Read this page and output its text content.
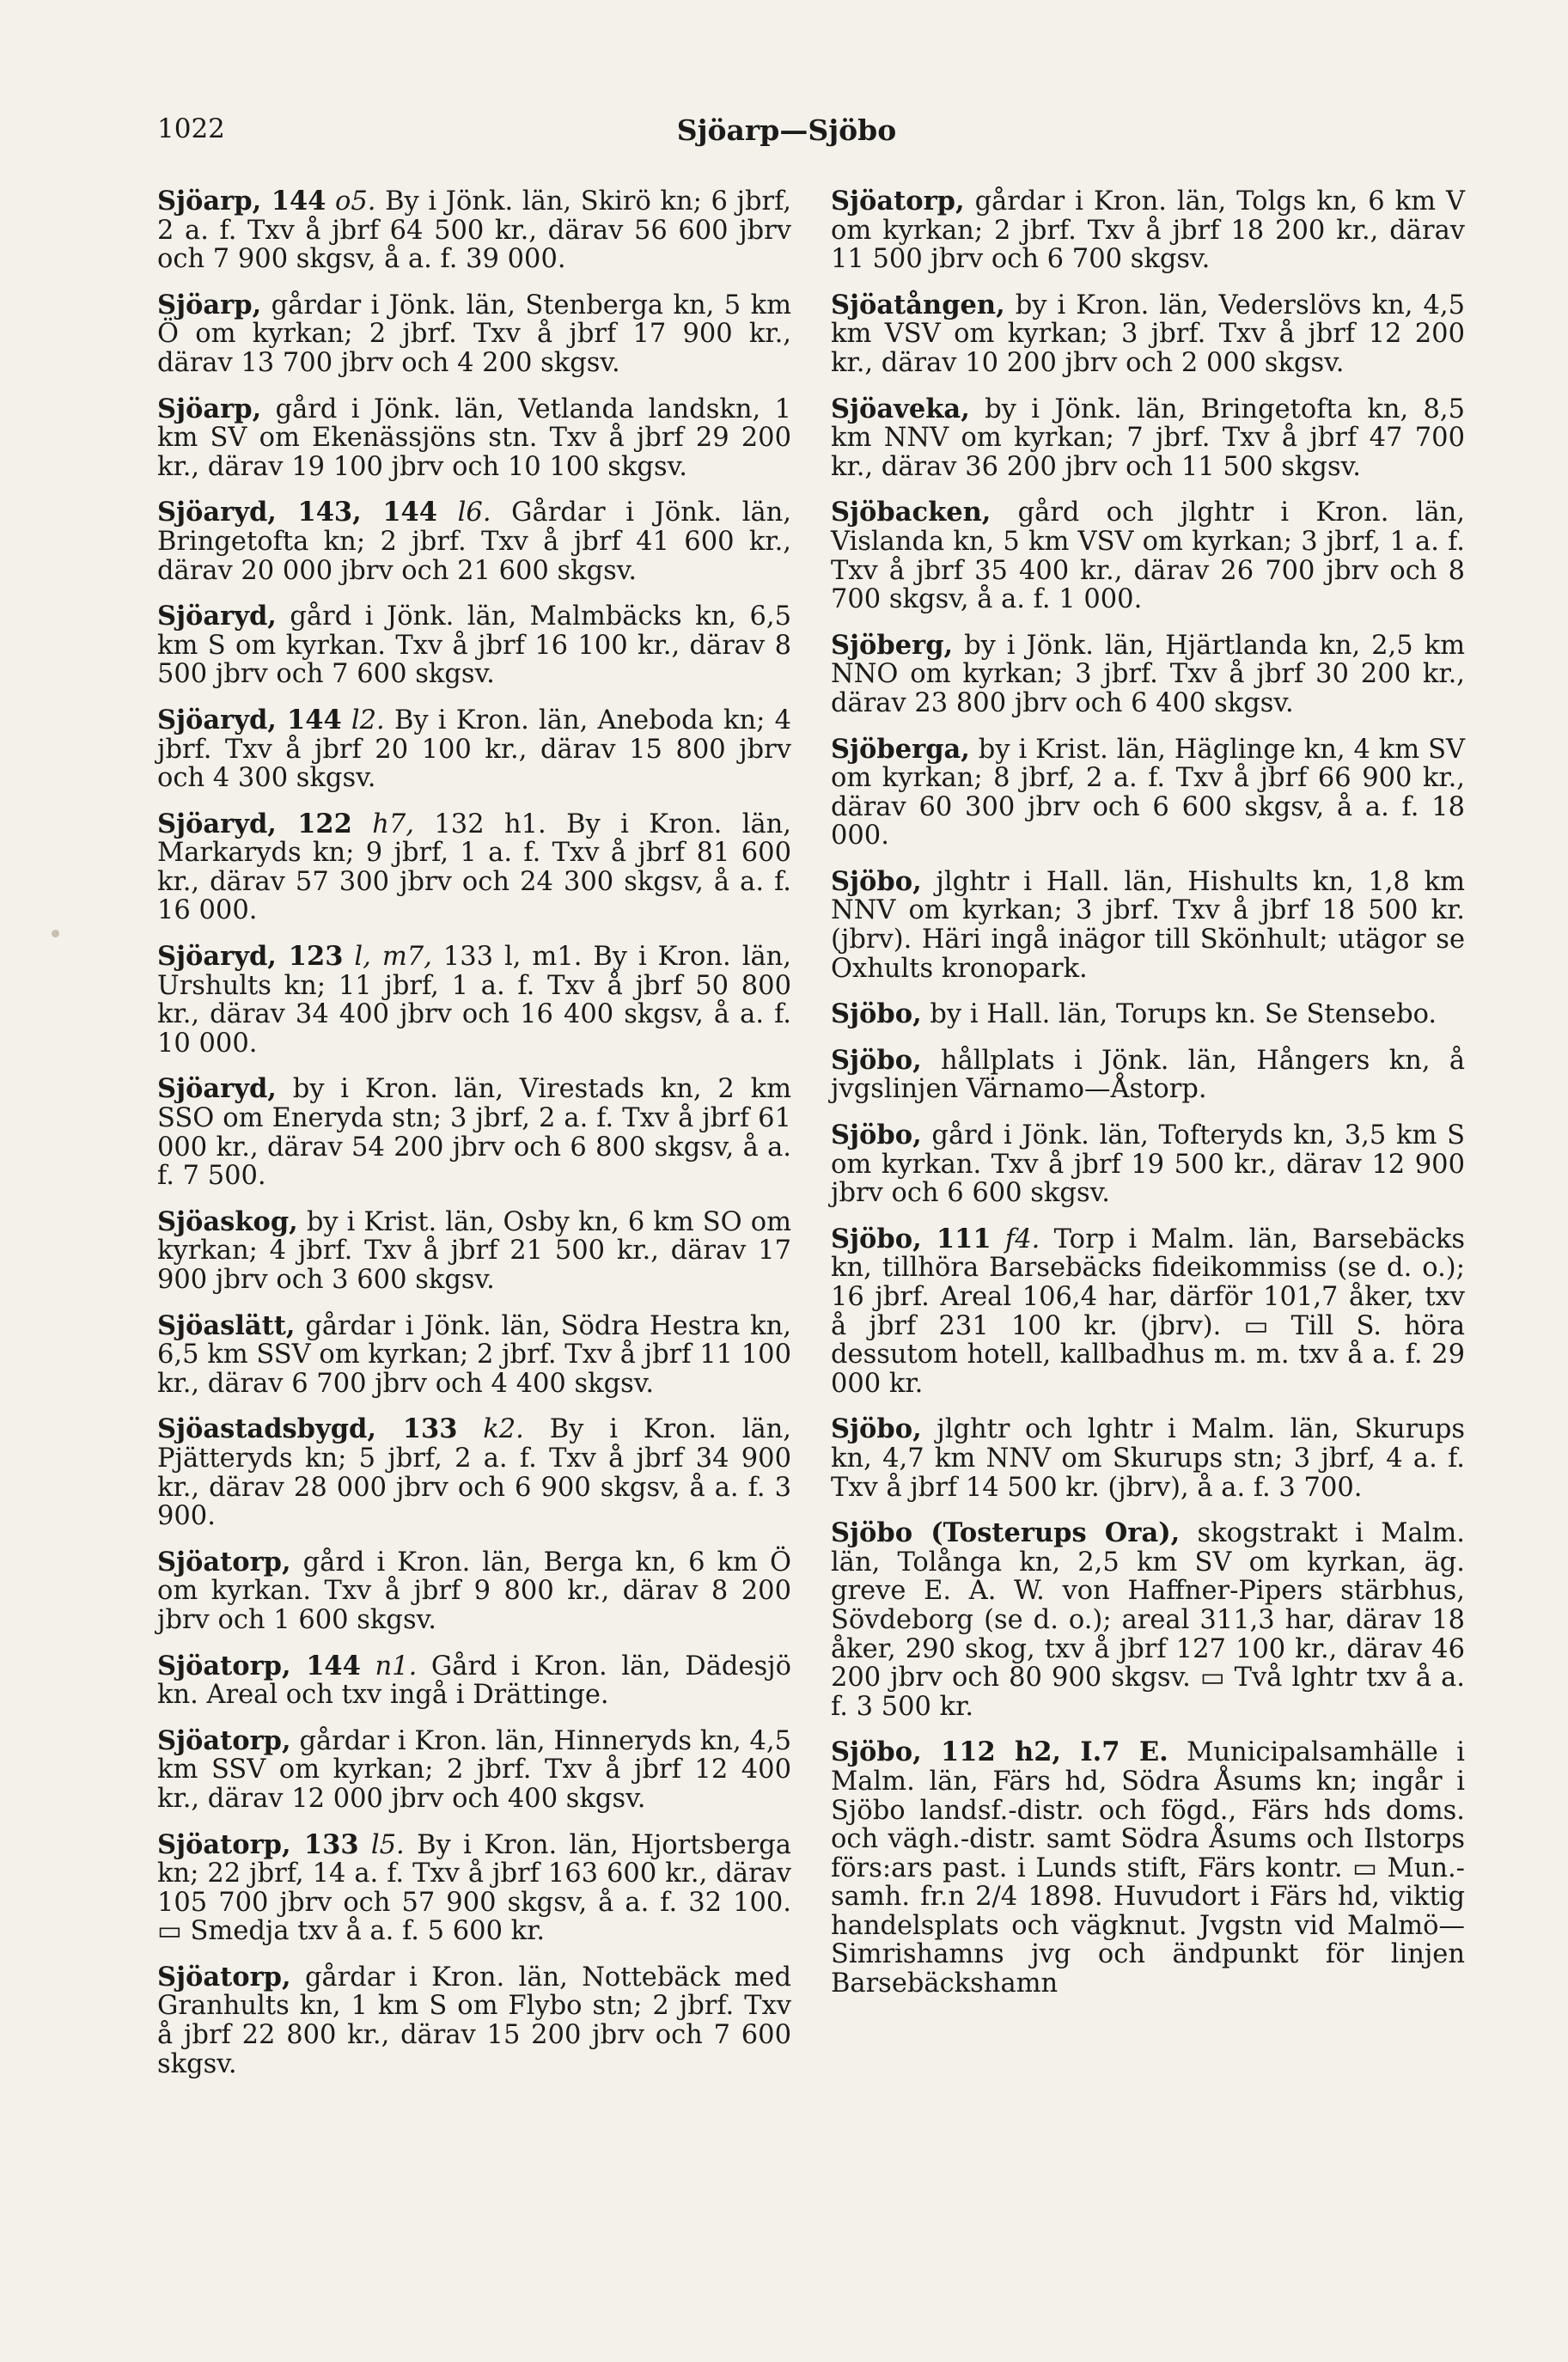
1022	Sjöarp—Sjöbo

Sjöarp, 144 o5. By i Jönk. län, Skirö kn; 6 jbrf, 2 a. f. Txv å jbrf 64 500 kr., därav 56 600 jbrv och 7 900 skgsv, å a. f. 39 000.

Sjöarp, gårdar i Jönk. län, Stenberga kn, 5 km Ö om kyrkan; 2 jbrf. Txv å jbrf 17 900 kr., därav 13 700 jbrv och 4 200 skgsv.

Sjöarp, gård i Jönk. län, Vetlanda landskn, 1 km SV om Ekenässjöns stn. Txv å jbrf 29 200 kr., därav 19 100 jbrv och 10 100 skgsv.

Sjöaryd, 143, 144 l6. Gårdar i Jönk. län, Bringetofta kn; 2 jbrf. Txv å jbrf 41 600 kr., därav 20 000 jbrv och 21 600 skgsv.

Sjöaryd, gård i Jönk. län, Malmbäcks kn, 6,5 km S om kyrkan. Txv å jbrf 16 100 kr., därav 8 500 jbrv och 7 600 skgsv.

Sjöaryd, 144 l2. By i Kron. län, Aneboda kn; 4 jbrf. Txv å jbrf 20 100 kr., därav 15 800 jbrv och 4 300 skgsv.

Sjöaryd, 122 h7, 132 h1. By i Kron. län, Markaryds kn; 9 jbrf, 1 a. f. Txv å jbrf 81 600 kr., därav 57 300 jbrv och 24 300 skgsv, å a. f. 16 000.

Sjöaryd, 123 l, m7, 133 l, m1. By i Kron. län, Urshults kn; 11 jbrf, 1 a. f. Txv å jbrf 50 800 kr., därav 34 400 jbrv och 16 400 skgsv, å a. f. 10 000.

Sjöaryd, by i Kron. län, Virestads kn, 2 km SSO om Eneryda stn; 3 jbrf, 2 a. f. Txv å jbrf 61 000 kr., därav 54 200 jbrv och 6 800 skgsv, å a. f. 7 500.

Sjöaskog, by i Krist. län, Osby kn, 6 km SO om kyrkan; 4 jbrf. Txv å jbrf 21 500 kr., därav 17 900 jbrv och 3 600 skgsv.

Sjöaslätt, gårdar i Jönk. län, Södra Hestra kn, 6,5 km SSV om kyrkan; 2 jbrf. Txv å jbrf 11 100 kr., därav 6 700 jbrv och 4 400 skgsv.

Sjöastadsbygd, 133 k2. By i Kron. län, Pjätteryds kn; 5 jbrf, 2 a. f. Txv å jbrf 34 900 kr., därav 28 000 jbrv och 6 900 skgsv, å a. f. 3 900.

Sjöatorp, gård i Kron. län, Berga kn, 6 km Ö om kyrkan. Txv å jbrf 9 800 kr., därav 8 200 jbrv och 1 600 skgsv.

Sjöatorp, 144 n1. Gård i Kron. län, Dädesjö kn. Areal och txv ingå i Drättinge.

Sjöatorp, gårdar i Kron. län, Hinneryds kn, 4,5 km SSV om kyrkan; 2 jbrf. Txv å jbrf 12 400 kr., därav 12 000 jbrv och 400 skgsv.

Sjöatorp, 133 l5. By i Kron. län, Hjortsberga kn; 22 jbrf, 14 a. f. Txv å jbrf 163 600 kr., därav 105 700 jbrv och 57 900 skgsv, å a. f. 32 100. ▭ Smedja txv å a. f. 5 600 kr.

Sjöatorp, gårdar i Kron. län, Nottebäck med Granhults kn, 1 km S om Flybo stn; 2 jbrf. Txv å jbrf 22 800 kr., därav 15 200 jbrv och 7 600 skgsv.

Sjöatorp, gårdar i Kron. län, Tolgs kn, 6 km V om kyrkan; 2 jbrf. Txv å jbrf 18 200 kr., därav 11 500 jbrv och 6 700 skgsv.

Sjöatången, by i Kron. län, Vederslövs kn, 4,5 km VSV om kyrkan; 3 jbrf. Txv å jbrf 12 200 kr., därav 10 200 jbrv och 2 000 skgsv.

Sjöaveka, by i Jönk. län, Bringetofta kn, 8,5 km NNV om kyrkan; 7 jbrf. Txv å jbrf 47 700 kr., därav 36 200 jbrv och 11 500 skgsv.

Sjöbacken, gård och jlghtr i Kron. län, Vislanda kn, 5 km VSV om kyrkan; 3 jbrf, 1 a. f. Txv å jbrf 35 400 kr., därav 26 700 jbrv och 8 700 skgsv, å a. f. 1 000.

Sjöberg, by i Jönk. län, Hjärtlanda kn, 2,5 km NNO om kyrkan; 3 jbrf. Txv å jbrf 30 200 kr., därav 23 800 jbrv och 6 400 skgsv.

Sjöberga, by i Krist. län, Häglinge kn, 4 km SV om kyrkan; 8 jbrf, 2 a. f. Txv å jbrf 66 900 kr., därav 60 300 jbrv och 6 600 skgsv, å a. f. 18 000.

Sjöbo, jlghtr i Hall. län, Hishults kn, 1,8 km NNV om kyrkan; 3 jbrf. Txv å jbrf 18 500 kr. (jbrv). Häri ingå inägor till Skönhult; utägor se Oxhults kronopark.

Sjöbo, by i Hall. län, Torups kn. Se Stensebo.

Sjöbo, hållplats i Jönk. län, Hångers kn, å jvgslinjen Värnamo—Åstorp.

Sjöbo, gård i Jönk. län, Tofteryds kn, 3,5 km S om kyrkan. Txv å jbrf 19 500 kr., därav 12 900 jbrv och 6 600 skgsv.

Sjöbo, 111 f4. Torp i Malm. län, Barsebäcks kn, tillhöra Barsebäcks fideikommiss (se d. o.); 16 jbrf. Areal 106,4 har, därför 101,7 åker, txv å jbrf 231 100 kr. (jbrv). ▭ Till S. höra dessutom hotell, kallbadhus m. m. txv å a. f. 29 000 kr.

Sjöbo, jlghtr och lghtr i Malm. län, Skurups kn, 4,7 km NNV om Skurups stn; 3 jbrf, 4 a. f. Txv å jbrf 14 500 kr. (jbrv), å a. f. 3 700.

Sjöbo (Tosterups Ora), skogstrakt i Malm. län, Tolånga kn, 2,5 km SV om kyrkan, äg. greve E. A. W. von Haffner-Pipers stärbhus, Sövdeborg (se d. o.); areal 311,3 har, därav 18 åker, 290 skog, txv å jbrf 127 100 kr., därav 46 200 jbrv och 80 900 skgsv. ▭ Två lghtr txv å a. f. 3 500 kr.

Sjöbo, 112 h2, I.7 E. Municipalsamhälle i Malm. län, Färs hd, Södra Åsums kn; ingår i Sjöbo landsf.-distr. och fögd., Färs hds doms. och vägh.-distr. samt Södra Åsums och Ilstorps förs:ars past. i Lunds stift, Färs kontr. ▭ Mun.-samh. fr.n 2/4 1898. Huvudort i Färs hd, viktig handelsplats och vägknut. Jvgstn vid Malmö—Simrishamns jvg och ändpunkt för linjen Barsebäckshamn
